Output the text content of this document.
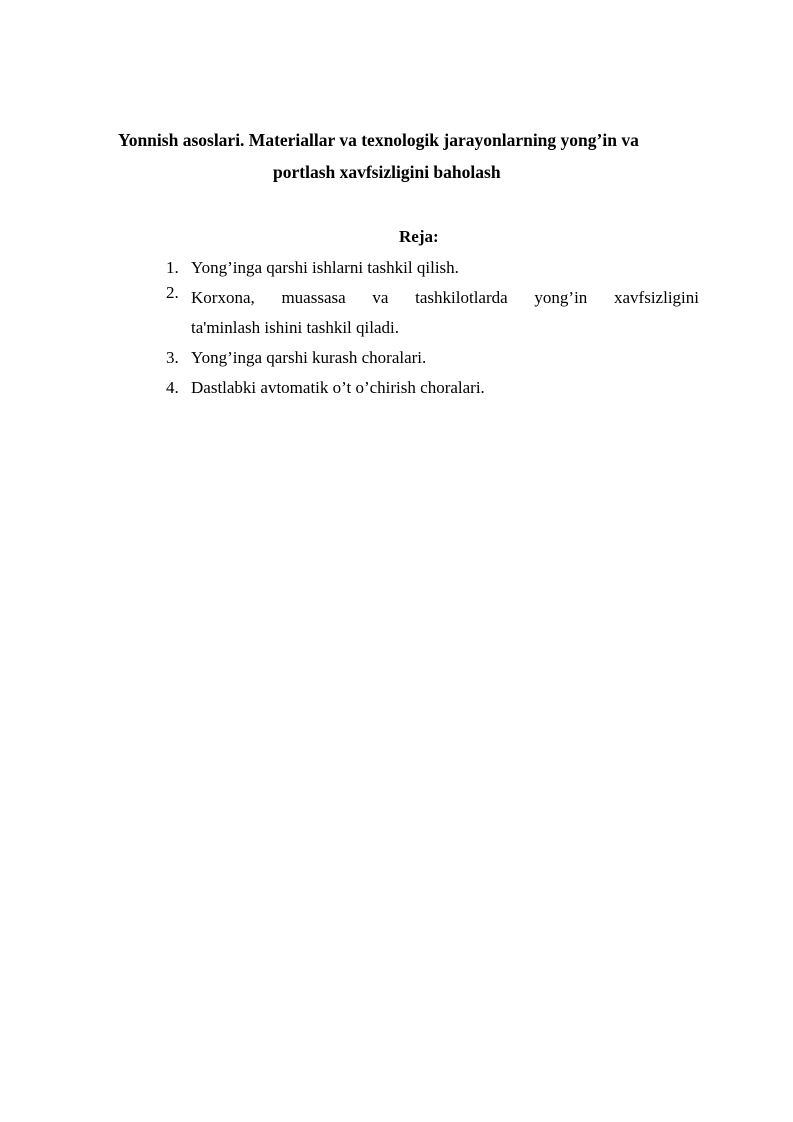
Yonnish asoslari. Materiallar va texnologik jarayonlarning yong’in va
portlash xavfsizligini baholash
Reja:
1. Yong’inga qarshi ishlarni tashkil qilish.
2. Korxona, muassasa va tashkilotlarda yong’in xavfsizligini
ta'minlash ishini tashkil qiladi.
3. Yong’inga qarshi kurash choralari.
4. Dastlabki avtomatik o’t o’chirish choralari.
